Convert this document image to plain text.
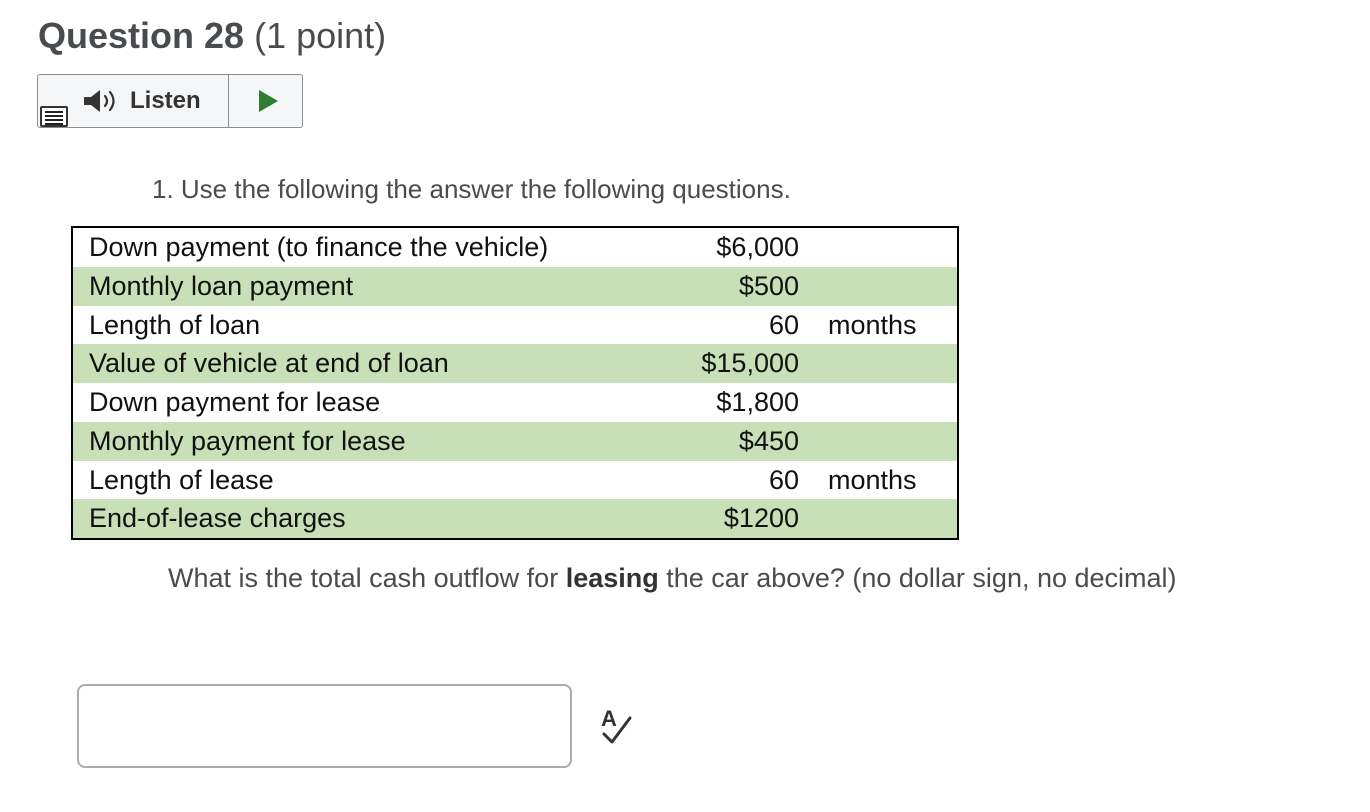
Question 28 (1 point)
Listen
1. Use the following the answer the following questions.
Down payment (to finance the vehicle)	$6,000
Monthly loan payment	$500
Length of loan	60 months
Value of vehicle at end of loan	$15,000
Down payment for lease	$1,800
Monthly payment for lease	$450
Length of lease	60 months
End-of-lease charges	$1200
What is the total cash outflow for leasing the car above? (no dollar sign, no decimal)
A
